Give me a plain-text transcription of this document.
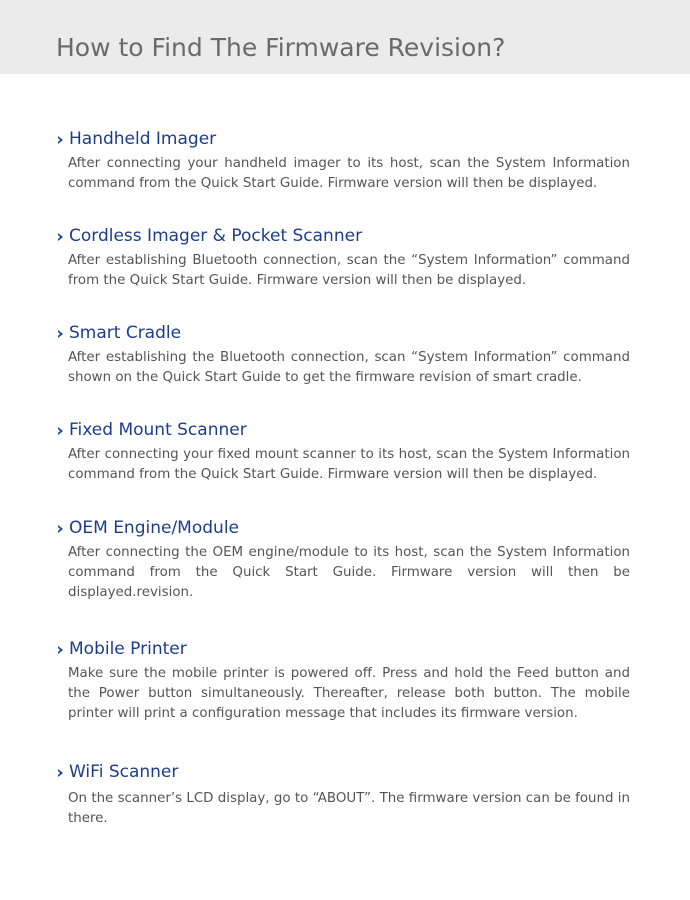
How to Find The Firmware Revision?
Handheld Imager

After connecting your handheld imager to its host, scan the System Information command from the Quick Start Guide. Firmware version will then be displayed.

Cordless Imager & Pocket Scanner

After establishing Bluetooth connection, scan the “System Information” command from the Quick Start Guide. Firmware version will then be displayed.

Smart Cradle

After establishing the Bluetooth connection, scan “System Information” command shown on the Quick Start Guide to get the firmware revision of smart cradle.

Fixed Mount Scanner

After connecting your fixed mount scanner to its host, scan the System Information command from the Quick Start Guide. Firmware version will then be displayed.

OEM Engine/Module

After connecting the OEM engine/module to its host, scan the System Information command from the Quick Start Guide. Firmware version will then be displayed.revision.

Mobile Printer

Make sure the mobile printer is powered off. Press and hold the Feed button and the Power button simultaneously. Thereafter, release both button. The mobile printer will print a configuration message that includes its firmware version.

WiFi Scanner

On the scanner’s LCD display, go to “ABOUT”. The firmware version can be found in there.
